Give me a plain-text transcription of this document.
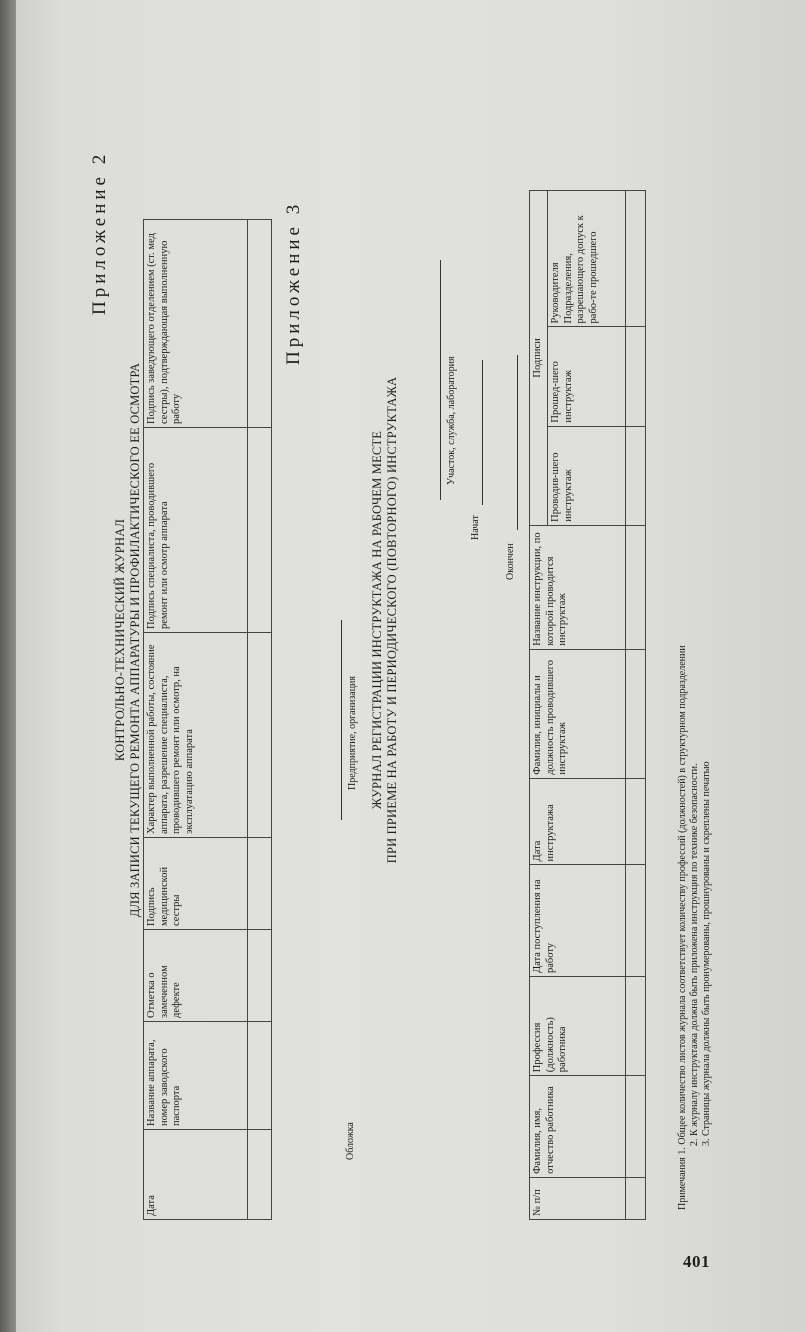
Приложение 2
КОНТРОЛЬНО-ТЕХНИЧЕСКИЙ ЖУРНАЛ ДЛЯ ЗАПИСИ ТЕКУЩЕГО РЕМОНТА АППАРАТУРЫ И ПРОФИЛАКТИЧЕСКОГО ЕЕ ОСМОТРА
Дата	Название аппарата, номер заводского паспорта	Отметка о замеченном дефекте	Подпись медицинской сестры	Характер выполненной работы, состояние аппарата, разрешение специалиста, проводившего ремонт или осмотр, на эксплуатацию аппарата	Подпись специалиста, проводившего ремонт или осмотр аппарата	Подпись заведующего отделением (ст. мед сестры), подтверждающая выполненную работу

Приложение 3
Обложка
Предприятие, организация ЖУРНАЛ РЕГИСТРАЦИИ ИНСТРУКТАЖА НА РАБОЧЕМ МЕСТЕ ПРИ ПРИЕМЕ НА РАБОТУ И ПЕРИОДИЧЕСКОГО (ПОВТОРНОГО) ИНСТРУКТАЖА	Участок, служба, лаборатория
Начат
Окончен
№ п/п	Фамилия, имя, отчество работника	Профессия (должность) работника	Дата поступления на работу	Дата инструктажа	Фамилия, инициалы и должность проводившего инструктаж	Название инструкции, по которой проводится инструктаж	Подписи		
							Проводив-шего инструктаж	Прошед-шего инструктаж	Руководителя Подразделения, разрешающего допуск к рабо-те прошедшего

Примечания 1. Общее количество листов журнала соответствует количеству профессий (должностей) в структурном подразделении 2. К журналу инструктажа должна быть приложена инструкция по технике безопасности. 3. Страницы журнала должны быть пронумерованы, прошнурованы и скреплены печатью
401
